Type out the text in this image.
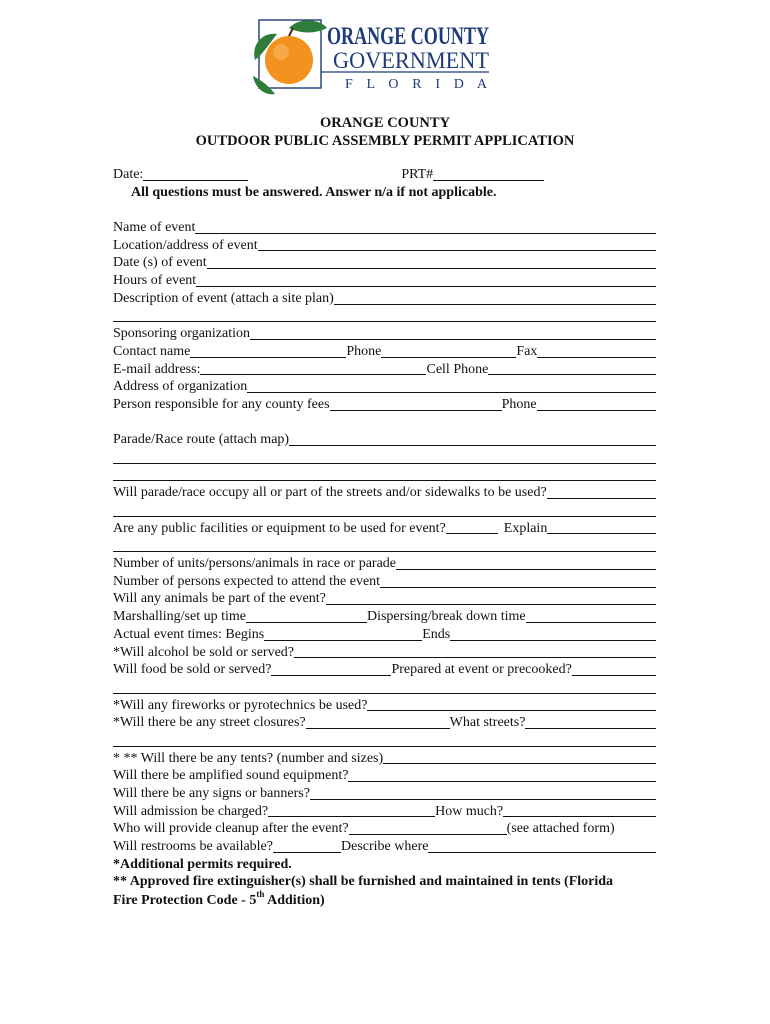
ORANGE COUNTY
GOVERNMENT
F L O R I D A
ORANGE COUNTY
OUTDOOR PUBLIC ASSEMBLY PERMIT APPLICATION
Date:	PRT#
All questions must be answered. Answer n/a if not applicable.
Name of event
Location/address of event
Date (s) of event
Hours of event
Description of event (attach a site plan)
Sponsoring organization
Contact name	Phone	Fax
E-mail address:	Cell Phone
Address of organization
Person responsible for any county fees	Phone
Parade/Race route (attach map)
Will parade/race occupy all or part of the streets and/or sidewalks to be used?
Are any public facilities or equipment to be used for event?	Explain
Number of units/persons/animals in race or parade
Number of persons expected to attend the event
Will any animals be part of the event?
Marshalling/set up time	Dispersing/break down time
Actual event times: Begins	Ends
*Will alcohol be sold or served?
Will food be sold or served?	Prepared at event or precooked?
*Will any fireworks or pyrotechnics be used?
*Will there be any street closures?	What streets?
* ** Will there be any tents? (number and sizes)
Will there be amplified sound equipment?
Will there be any signs or banners?
Will admission be charged?	How much?
Who will provide cleanup after the event?	(see attached form)
Will restrooms be available?	Describe where
*Additional permits required.
** Approved fire extinguisher(s) shall be furnished and maintained in tents (Florida
Fire Protection Code - 5th Addition)
